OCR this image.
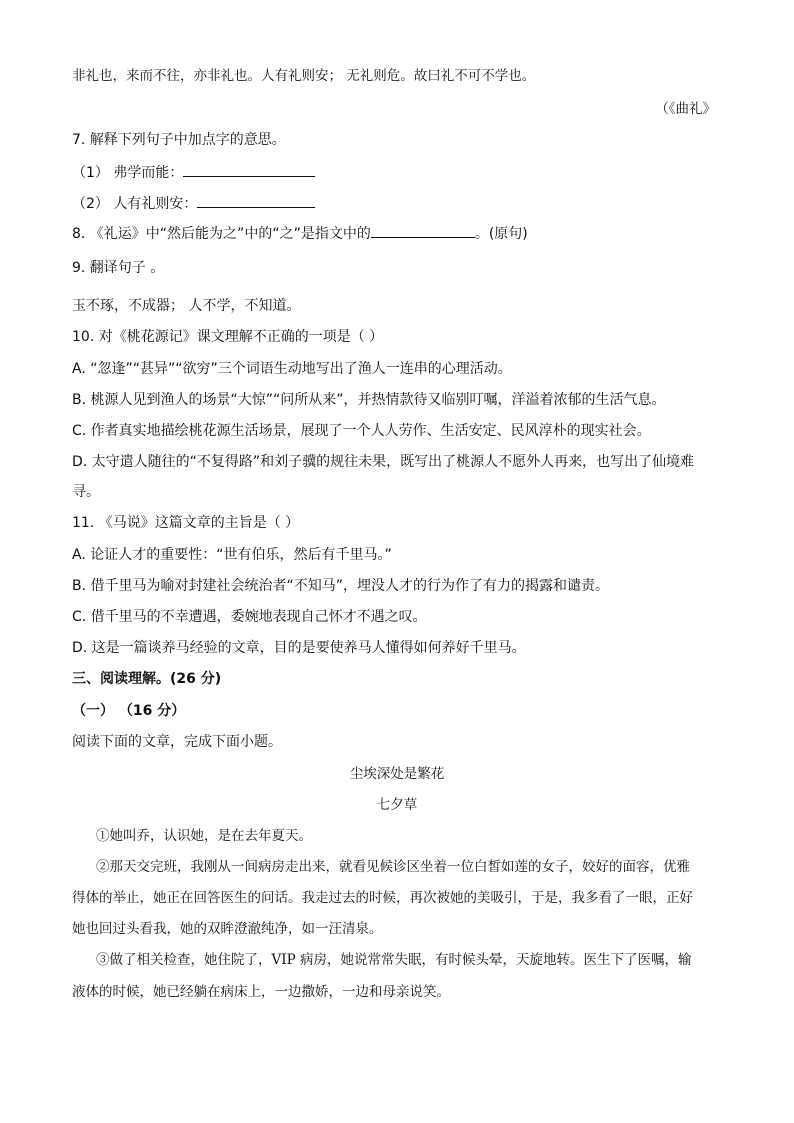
非礼也，来而不往，亦非礼也。人有礼则安； 无礼则危。故曰礼不可不学也。
（《曲礼》
7. 解释下列句子中加点字的意思。
（1） 弗学而能：
（2） 人有礼则安：
8. 《礼运》中“然后能为之”中的“之”是指文中的	。(原句)
9. 翻译句子 。
玉不琢，不成器； 人不学，不知道。
10. 对《桃花源记》课文理解不正确的一项是（ ）
A. “忽逢”“甚异”“欲穷”三个词语生动地写出了渔人一连串的心理活动。
B. 桃源人见到渔人的场景“大惊”“问所从来”，并热情款待又临别叮嘱，洋溢着浓郁的生活气息。
C. 作者真实地描绘桃花源生活场景，展现了一个人人劳作、生活安定、民风淳朴的现实社会。
D. 太守遣人随往的“不复得路”和刘子骥的规往未果，既写出了桃源人不愿外人再来，也写出了仙境难
寻。
11. 《马说》这篇文章的主旨是（ ）
A. 论证人才的重要性：“世有伯乐，然后有千里马。”
B. 借千里马为喻对封建社会统治者“不知马”，埋没人才的行为作了有力的揭露和谴责。
C. 借千里马的不幸遭遇，委婉地表现自己怀才不遇之叹。
D. 这是一篇谈养马经验的文章，目的是要使养马人懂得如何养好千里马。
三、阅读理解。(26 分)
（一） （16 分）
阅读下面的文章，完成下面小题。
尘埃深处是繁花
七夕草
①她叫乔，认识她，是在去年夏天。
②那天交完班，我刚从一间病房走出来，就看见候诊区坐着一位白皙如莲的女子，姣好的面容，优雅
得体的举止，她正在回答医生的问话。我走过去的时候，再次被她的美吸引，于是，我多看了一眼，正好
她也回过头看我，她的双眸澄澈纯净，如一汪清泉。
③做了相关检查，她住院了，VIP 病房，她说常常失眠，有时候头晕，天旋地转。医生下了医嘱，输
液体的时候，她已经躺在病床上，一边撒娇，一边和母亲说笑。
